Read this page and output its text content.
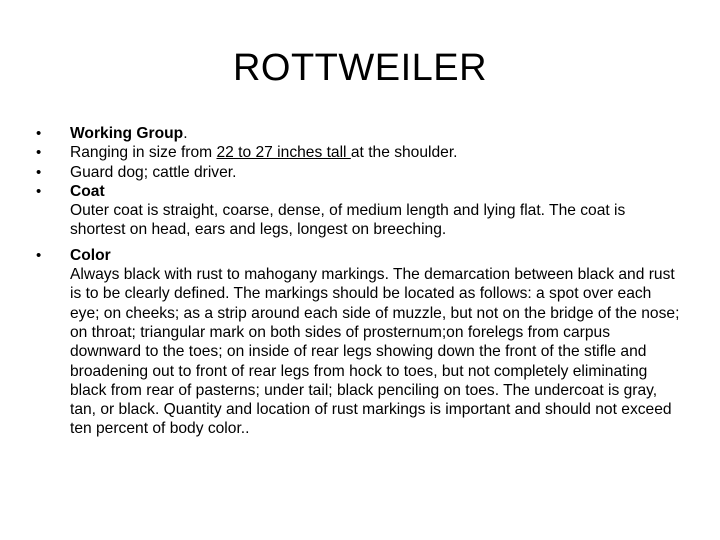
ROTTWEILER
•	Working Group.
•	Ranging in size from 22 to 27 inches tall at the shoulder.
•	Guard dog; cattle driver.
•	Coat
Outer coat is straight, coarse, dense, of medium length and lying flat. The coat is shortest on head, ears and legs, longest on breeching.
•	Color
Always black with rust to mahogany markings. The demarcation between black and rust is to be clearly defined. The markings should be located as follows: a spot over each eye; on cheeks; as a strip around each side of muzzle, but not on the bridge of the nose; on throat; triangular mark on both sides of prosternum;on forelegs from carpus downward to the toes; on inside of rear legs showing down the front of the stifle and broadening out to front of rear legs from hock to toes, but not completely eliminating black from rear of pasterns; under tail; black penciling on toes. The undercoat is gray, tan, or black. Quantity and location of rust markings is important and should not exceed ten percent of body color..
